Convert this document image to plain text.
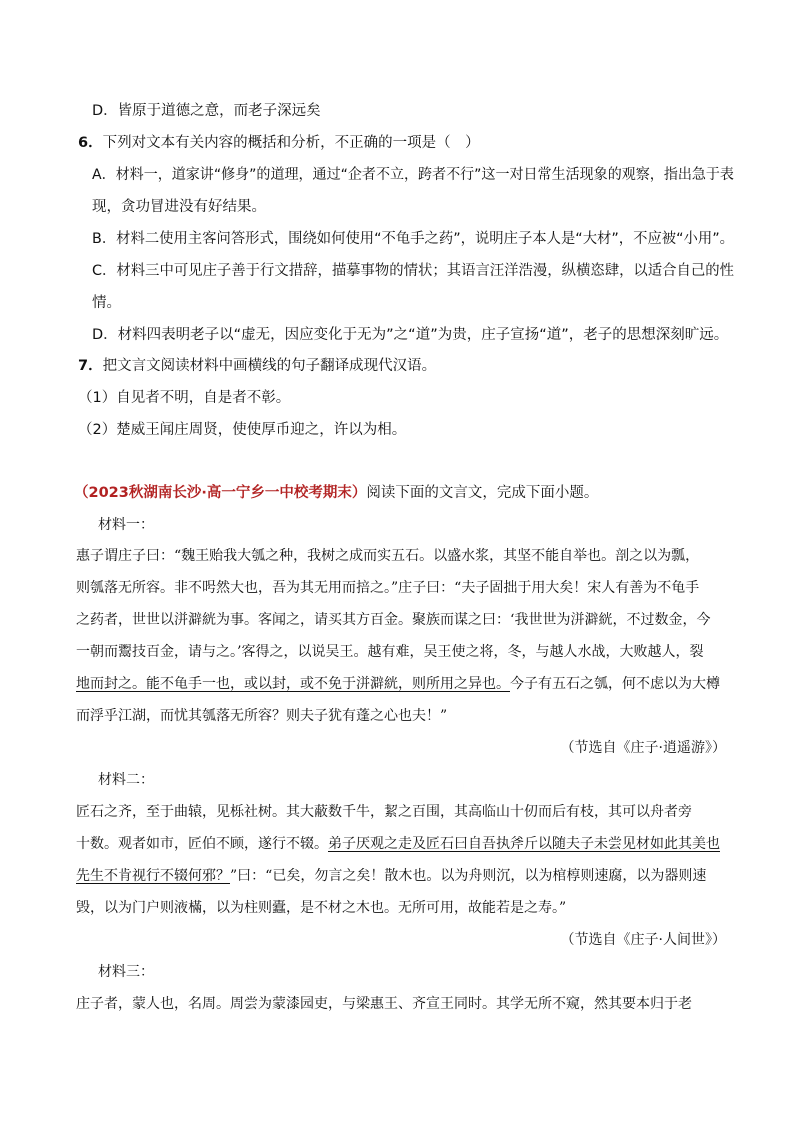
D．皆原于道德之意，而老子深远矣
6．下列对文本有关内容的概括和分析，不正确的一项是（　）
A．材料一，道家讲“修身”的道理，通过“企者不立，跨者不行”这一对日常生活现象的观察，指出急于表
现，贪功冒进没有好结果。
B．材料二使用主客问答形式，围绕如何使用“不龟手之药”，说明庄子本人是“大材”，不应被“小用”。
C．材料三中可见庄子善于行文措辞，描摹事物的情状；其语言汪洋浩漫，纵横恣肆，以适合自己的性
情。
D．材料四表明老子以“虚无，因应变化于无为”之“道”为贵，庄子宣扬“道”，老子的思想深刻旷远。
7．把文言文阅读材料中画横线的句子翻译成现代汉语。
（1）自见者不明，自是者不彰。
（2）楚威王闻庄周贤，使使厚币迎之，许以为相。
（2023秋湖南长沙·高一宁乡一中校考期末）阅读下面的文言文，完成下面小题。
材料一：
惠子谓庄子曰：“魏王贻我大瓠之种，我树之成而实五石。以盛水浆，其坚不能自举也。剖之以为瓢，
则瓠落无所容。非不呺然大也，吾为其无用而掊之。”庄子曰：“夫子固拙于用大矣！宋人有善为不龟手
之药者，世世以洴澼絖为事。客闻之，请买其方百金。聚族而谋之曰：‘我世世为洴澼絖，不过数金，今
一朝而鬻技百金，请与之。’客得之，以说吴王。越有难，吴王使之将，冬，与越人水战，大败越人，裂
地而封之。能不龟手一也，或以封，或不免于洴澼絖，则所用之异也。今子有五石之瓠，何不虑以为大樽
而浮乎江湖，而忧其瓠落无所容？则夫子犹有蓬之心也夫！”
（节选自《庄子·逍遥游》）
材料二：
匠石之齐，至于曲辕，见栎社树。其大蔽数千牛，絜之百围，其高临山十仞而后有枝，其可以舟者旁
十数。观者如市，匠伯不顾，遂行不辍。弟子厌观之走及匠石曰自吾执斧斤以随夫子未尝见材如此其美也
先生不肯视行不辍何邪？”曰：“已矣，勿言之矣！散木也。以为舟则沉，以为棺椁则速腐，以为器则速
毁，以为门户则液樠，以为柱则蠹，是不材之木也。无所可用，故能若是之寿。”
（节选自《庄子·人间世》）
材料三：
庄子者，蒙人也，名周。周尝为蒙漆园吏，与梁惠王、齐宣王同时。其学无所不窥，然其要本归于老
